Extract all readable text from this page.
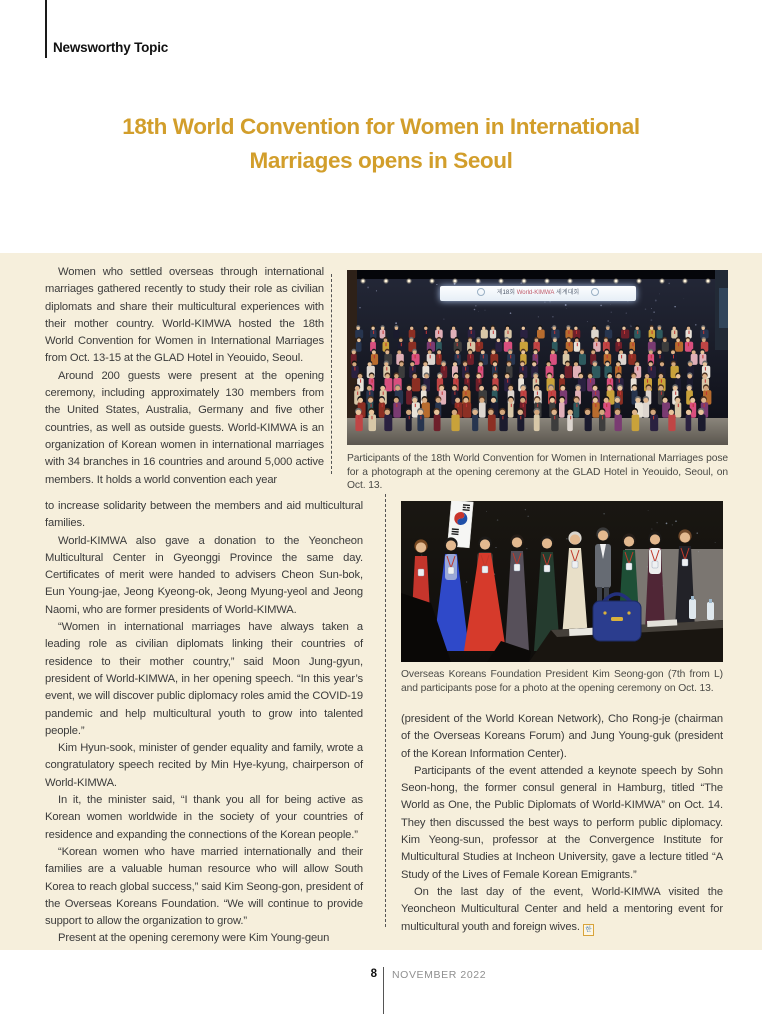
Newsworthy Topic
18th World Convention for Women in International
Marriages opens in Seoul

Women who settled overseas through international marriages gathered recently to study their role as civilian diplomats and share their multicultural experiences with their mother country. World-KIMWA hosted the 18th World Convention for Women in International Marriages from Oct. 13-15 at the GLAD Hotel in Yeouido, Seoul.

Around 200 guests were present at the opening ceremony, including approximately 130 members from the United States, Australia, Germany and five other countries, as well as outside guests. World-KIMWA is an organization of Korean women in international marriages with 34 branches in 16 countries and around 5,000 active members. It holds a world convention each year

제18회 World-KIMWA 세계대회
Participants of the 18th World Convention for Women in International Marriages pose for a photograph at the opening ceremony at the GLAD Hotel in Yeouido, Seoul, on Oct. 13.

to increase solidarity between the members and aid multicultural families.

World-KIMWA also gave a donation to the Yeoncheon Multicultural Center in Gyeonggi Province the same day. Certificates of merit were handed to advisers Cheon Sun-bok, Eun Young-jae, Jeong Kyeong-ok, Jeong Myung-yeol and Jeong Naomi, who are former presidents of World-KIMWA.

“Women in international marriages have always taken a leading role as civilian diplomats linking their countries of residence to their mother country,” said Moon Jung-gyun, president of World-KIMWA, in her opening speech. “In this year’s event, we will discover public diplomacy roles amid the COVID-19 pandemic and help multicultural youth to grow into talented people.”

Kim Hyun-sook, minister of gender equality and family, wrote a congratulatory speech recited by Min Hye-kyung, chairperson of World-KIMWA.

In it, the minister said, “I thank you all for being active as Korean women worldwide in the society of your countries of residence and expanding the connections of the Korean people.”

“Korean women who have married internationally and their families are a valuable human resource who will allow South Korea to reach global success,” said Kim Seong-gon, president of the Overseas Koreans Foundation. “We will continue to provide support to allow the organization to grow.”

Present at the opening ceremony were Kim Young-geun

Overseas Koreans Foundation President Kim Seong-gon (7th from L) and participants pose for a photo at the opening ceremony on Oct. 13.

(president of the World Korean Network), Cho Rong-je (chairman of the Overseas Koreans Forum) and Jung Young-guk (president of the Korean Information Center).

Participants of the event attended a keynote speech by Sohn Seon-hong, the former consul general in Hamburg, titled “The World as One, the Public Diplomats of World-KIMWA” on Oct. 14. They then discussed the best ways to perform public diplomacy. Kim Yeong-sun, professor at the Convergence Institute for Multicultural Studies at Incheon University, gave a lecture titled “A Study of the Lives of Female Korean Emigrants.”

On the last day of the event, World-KIMWA visited the Yeoncheon Multicultural Center and held a mentoring event for multicultural youth and foreign wives. 한

8 NOVEMBER 2022
